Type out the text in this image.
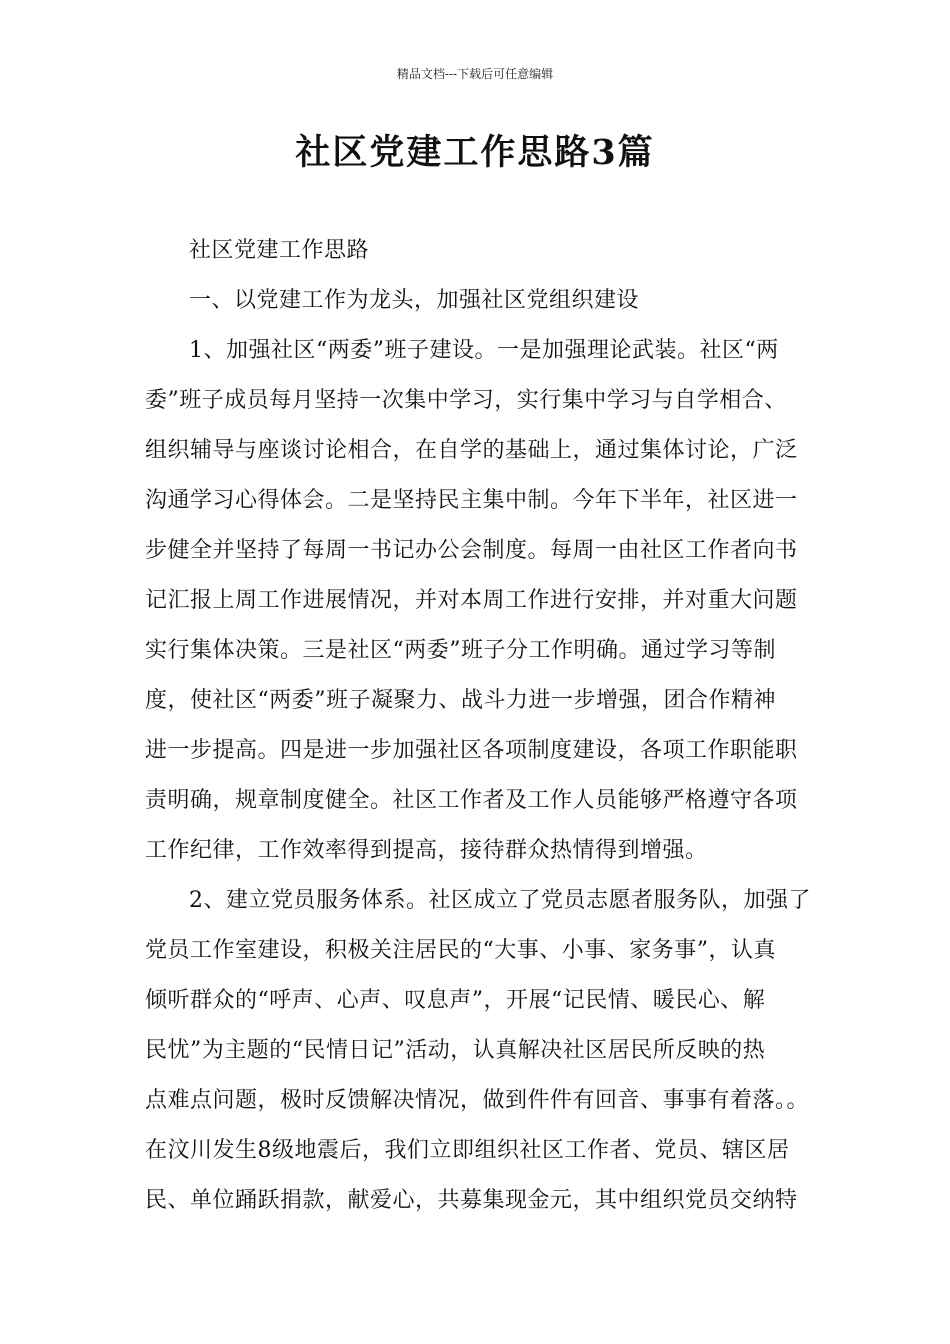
精品文档---下载后可任意编辑
社区党建工作思路3篇
社区党建工作思路
一、以党建工作为龙头，加强社区党组织建设
1、加强社区“两委”班子建设。一是加强理论武装。社区“两
委”班子成员每月坚持一次集中学习，实行集中学习与自学相合、
组织辅导与座谈讨论相合，在自学的基础上，通过集体讨论，广泛
沟通学习心得体会。二是坚持民主集中制。今年下半年，社区进一
步健全并坚持了每周一书记办公会制度。每周一由社区工作者向书
记汇报上周工作进展情况，并对本周工作进行安排，并对重大问题
实行集体决策。三是社区“两委”班子分工作明确。通过学习等制
度，使社区“两委”班子凝聚力、战斗力进一步增强，团合作精神
进一步提高。四是进一步加强社区各项制度建设，各项工作职能职
责明确，规章制度健全。社区工作者及工作人员能够严格遵守各项
工作纪律，工作效率得到提高，接待群众热情得到增强。
2、建立党员服务体系。社区成立了党员志愿者服务队，加强了
党员工作室建设，积极关注居民的“大事、小事、家务事”，认真
倾听群众的“呼声、心声、叹息声”，开展“记民情、暖民心、解
民忧”为主题的“民情日记”活动，认真解决社区居民所反映的热
点难点问题，极时反馈解决情况，做到件件有回音、事事有着落。。
在汶川发生8级地震后，我们立即组织社区工作者、党员、辖区居
民、单位踊跃捐款，献爱心，共募集现金元，其中组织党员交纳特
